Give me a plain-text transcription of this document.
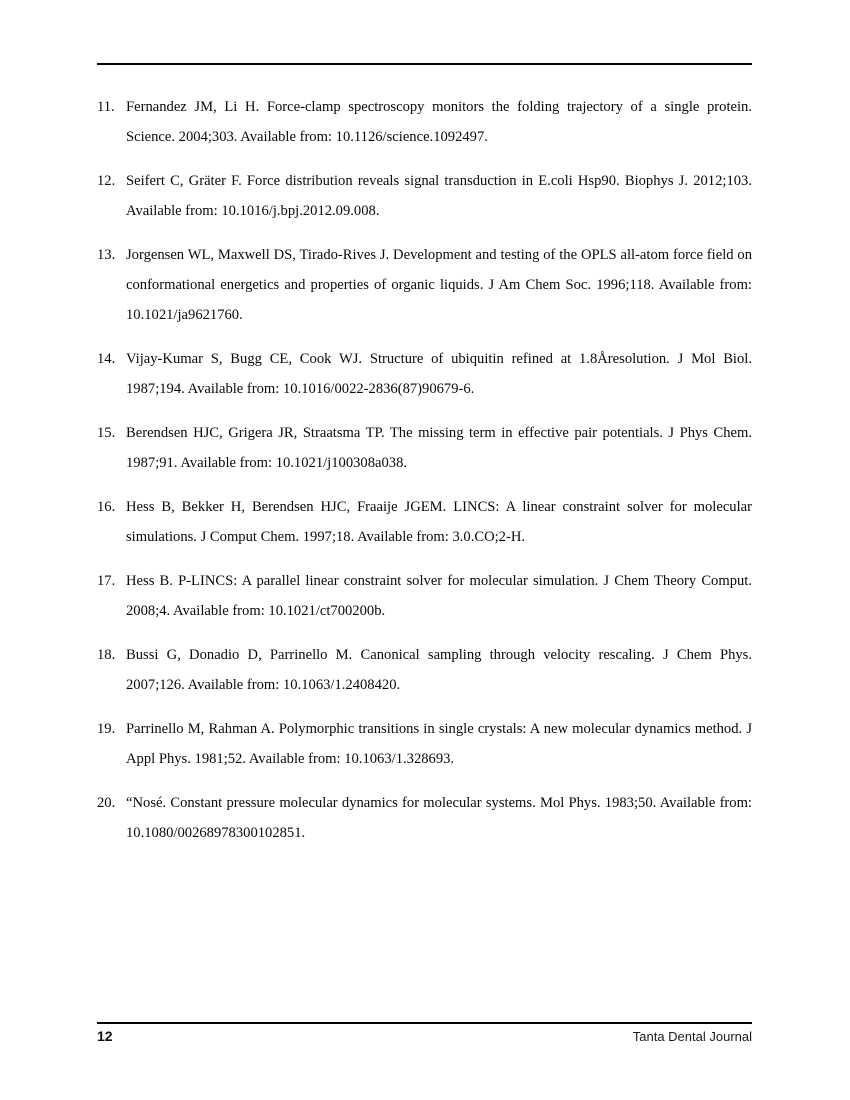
11. Fernandez JM, Li H. Force-clamp spectroscopy monitors the folding trajectory of a single protein. Science. 2004;303. Available from: 10.1126/science.1092497.
12. Seifert C, Gräter F. Force distribution reveals signal transduction in E.coli Hsp90. Biophys J. 2012;103. Available from: 10.1016/j.bpj.2012.09.008.
13. Jorgensen WL, Maxwell DS, Tirado-Rives J. Development and testing of the OPLS all-atom force field on conformational energetics and properties of organic liquids. J Am Chem Soc. 1996;118. Available from: 10.1021/ja9621760.
14. Vijay-Kumar S, Bugg CE, Cook WJ. Structure of ubiquitin refined at 1.8Åresolution. J Mol Biol. 1987;194. Available from: 10.1016/0022-2836(87)90679-6.
15. Berendsen HJC, Grigera JR, Straatsma TP. The missing term in effective pair potentials. J Phys Chem. 1987;91. Available from: 10.1021/j100308a038.
16. Hess B, Bekker H, Berendsen HJC, Fraaije JGEM. LINCS: A linear constraint solver for molecular simulations. J Comput Chem. 1997;18. Available from: 3.0.CO;2-H.
17. Hess B. P-LINCS: A parallel linear constraint solver for molecular simulation. J Chem Theory Comput. 2008;4. Available from: 10.1021/ct700200b.
18. Bussi G, Donadio D, Parrinello M. Canonical sampling through velocity rescaling. J Chem Phys. 2007;126. Available from: 10.1063/1.2408420.
19. Parrinello M, Rahman A. Polymorphic transitions in single crystals: A new molecular dynamics method. J Appl Phys. 1981;52. Available from: 10.1063/1.328693.
20. “Nosé. Constant pressure molecular dynamics for molecular systems. Mol Phys. 1983;50. Available from: 10.1080/00268978300102851.
12	Tanta Dental Journal
